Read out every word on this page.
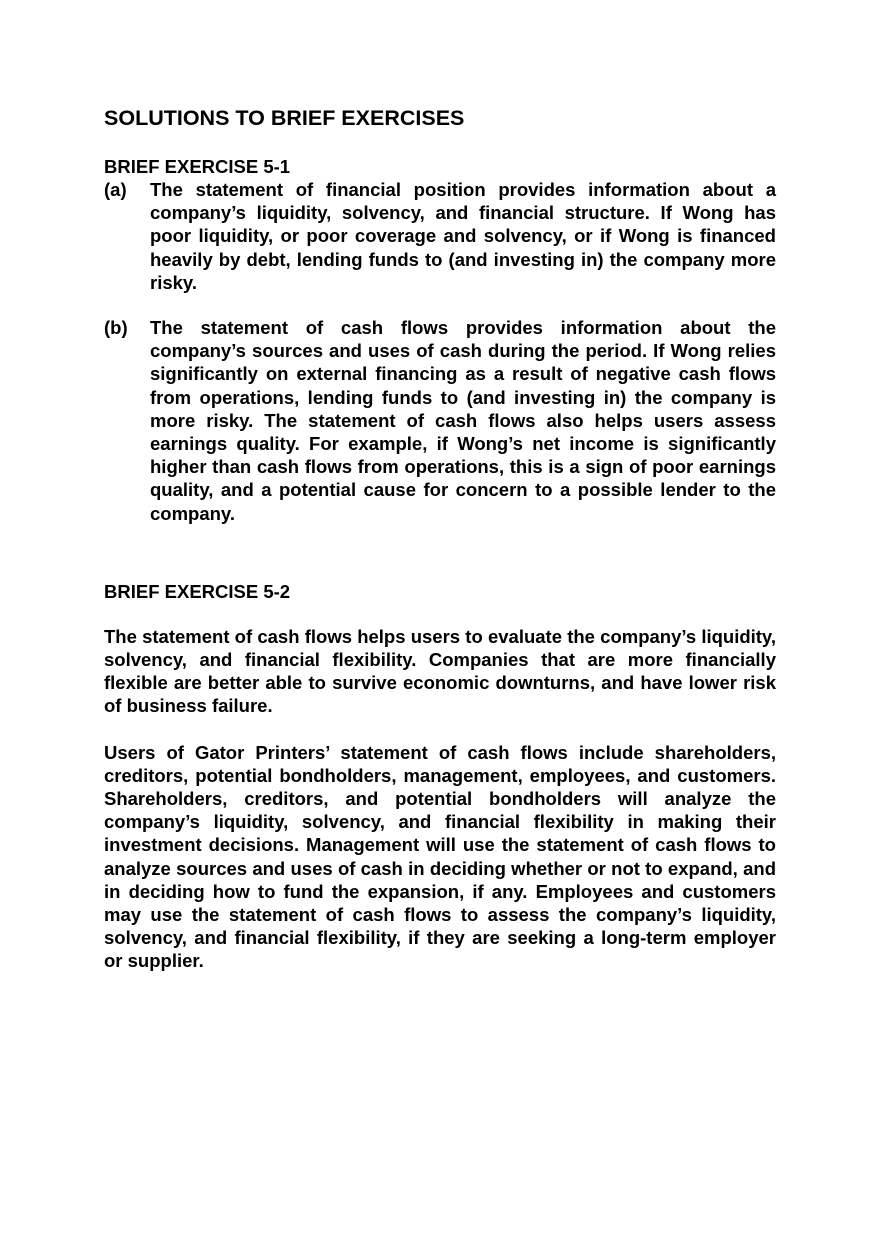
SOLUTIONS TO BRIEF EXERCISES
BRIEF EXERCISE 5-1
(a)	The statement of financial position provides information about a company’s liquidity, solvency, and financial structure. If Wong has poor liquidity, or poor coverage and solvency, or if Wong is financed heavily by debt, lending funds to (and investing in) the company more risky.
(b)	The statement of cash flows provides information about the company’s sources and uses of cash during the period. If Wong relies significantly on external financing as a result of negative cash flows from operations, lending funds to (and investing in) the company is more risky. The statement of cash flows also helps users assess earnings quality. For example, if Wong’s net income is significantly higher than cash flows from operations, this is a sign of poor earnings quality, and a potential cause for concern to a possible lender to the company.
BRIEF EXERCISE 5-2

The statement of cash flows helps users to evaluate the company’s liquidity, solvency, and financial flexibility. Companies that are more financially flexible are better able to survive economic downturns, and have lower risk of business failure.

Users of Gator Printers’ statement of cash flows include shareholders, creditors, potential bondholders, management, employees, and customers. Shareholders, creditors, and potential bondholders will analyze the company’s liquidity, solvency, and financial flexibility in making their investment decisions. Management will use the statement of cash flows to analyze sources and uses of cash in deciding whether or not to expand, and in deciding how to fund the expansion, if any. Employees and customers may use the statement of cash flows to assess the company’s liquidity, solvency, and financial flexibility, if they are seeking a long-term employer or supplier.
